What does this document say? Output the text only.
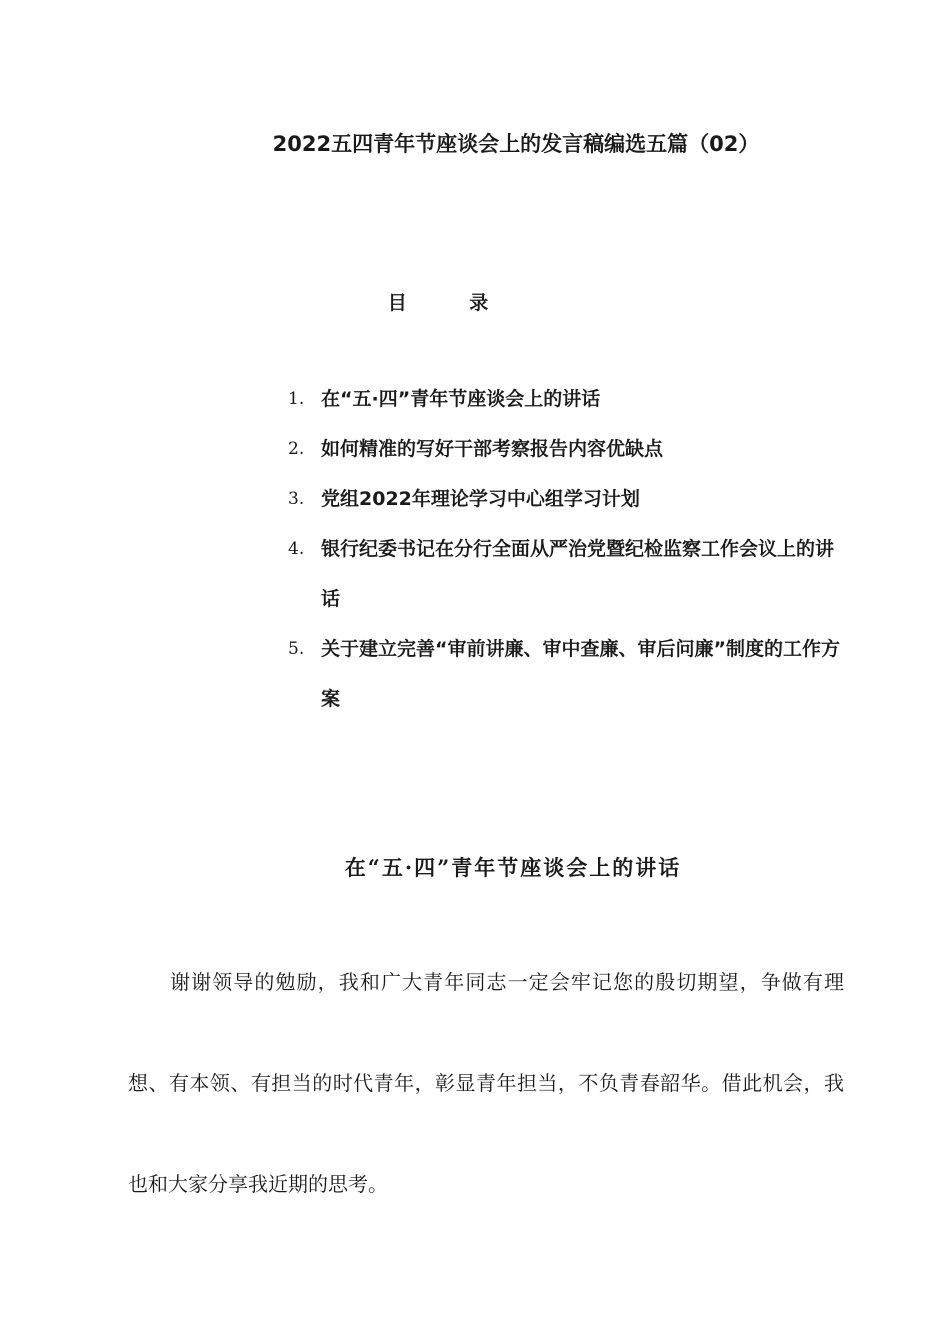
2022五四青年节座谈会上的发言稿编选五篇（02）
目 录
1. 在“五·四”青年节座谈会上的讲话
2. 如何精准的写好干部考察报告内容优缺点
3. 党组2022年理论学习中心组学习计划
4. 银行纪委书记在分行全面从严治党暨纪检监察工作会议上的讲话
5. 关于建立完善“审前讲廉、审中查廉、审后问廉”制度的工作方案
在“五·四”青年节座谈会上的讲话

谢谢领导的勉励，我和广大青年同志一定会牢记您的殷切期望，争做有理想、有本领、有担当的时代青年，彰显青年担当，不负青春韶华。借此机会，我也和大家分享我近期的思考。
